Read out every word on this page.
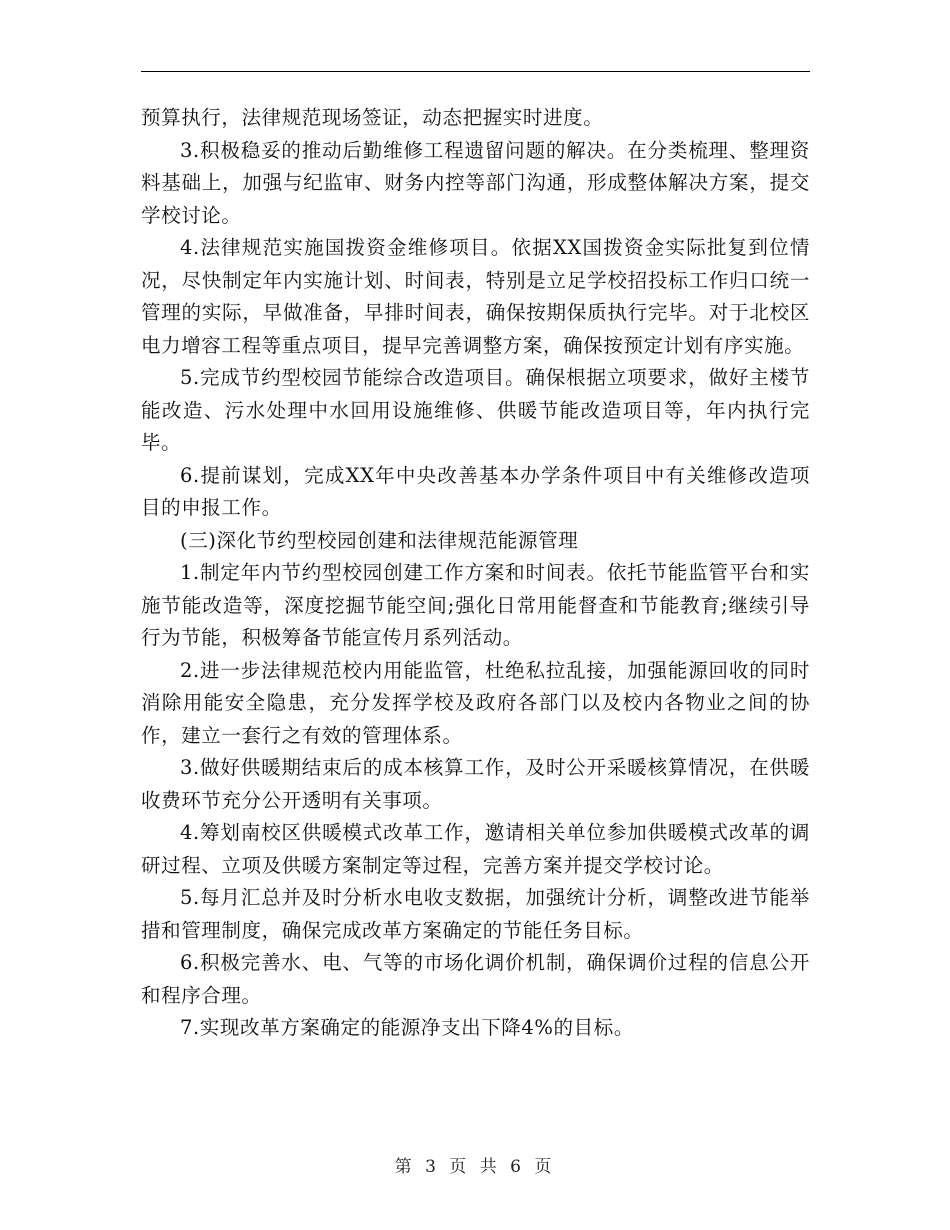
预算执行，法律规范现场签证，动态把握实时进度。

3.积极稳妥的推动后勤维修工程遗留问题的解决。在分类梳理、整理资料基础上，加强与纪监审、财务内控等部门沟通，形成整体解决方案，提交学校讨论。

4.法律规范实施国拨资金维修项目。依据XX国拨资金实际批复到位情况，尽快制定年内实施计划、时间表，特别是立足学校招投标工作归口统一管理的实际，早做准备，早排时间表，确保按期保质执行完毕。对于北校区电力增容工程等重点项目，提早完善调整方案，确保按预定计划有序实施。

5.完成节约型校园节能综合改造项目。确保根据立项要求，做好主楼节能改造、污水处理中水回用设施维修、供暖节能改造项目等，年内执行完毕。

6.提前谋划，完成XX年中央改善基本办学条件项目中有关维修改造项目的申报工作。

(三)深化节约型校园创建和法律规范能源管理

1.制定年内节约型校园创建工作方案和时间表。依托节能监管平台和实施节能改造等，深度挖掘节能空间;强化日常用能督查和节能教育;继续引导行为节能，积极筹备节能宣传月系列活动。

2.进一步法律规范校内用能监管，杜绝私拉乱接，加强能源回收的同时消除用能安全隐患，充分发挥学校及政府各部门以及校内各物业之间的协作，建立一套行之有效的管理体系。

3.做好供暖期结束后的成本核算工作，及时公开采暖核算情况，在供暖收费环节充分公开透明有关事项。

4.筹划南校区供暖模式改革工作，邀请相关单位参加供暖模式改革的调研过程、立项及供暖方案制定等过程，完善方案并提交学校讨论。

5.每月汇总并及时分析水电收支数据，加强统计分析，调整改进节能举措和管理制度，确保完成改革方案确定的节能任务目标。

6.积极完善水、电、气等的市场化调价机制，确保调价过程的信息公开和程序合理。

7.实现改革方案确定的能源净支出下降4%的目标。

第 3 页 共 6 页
